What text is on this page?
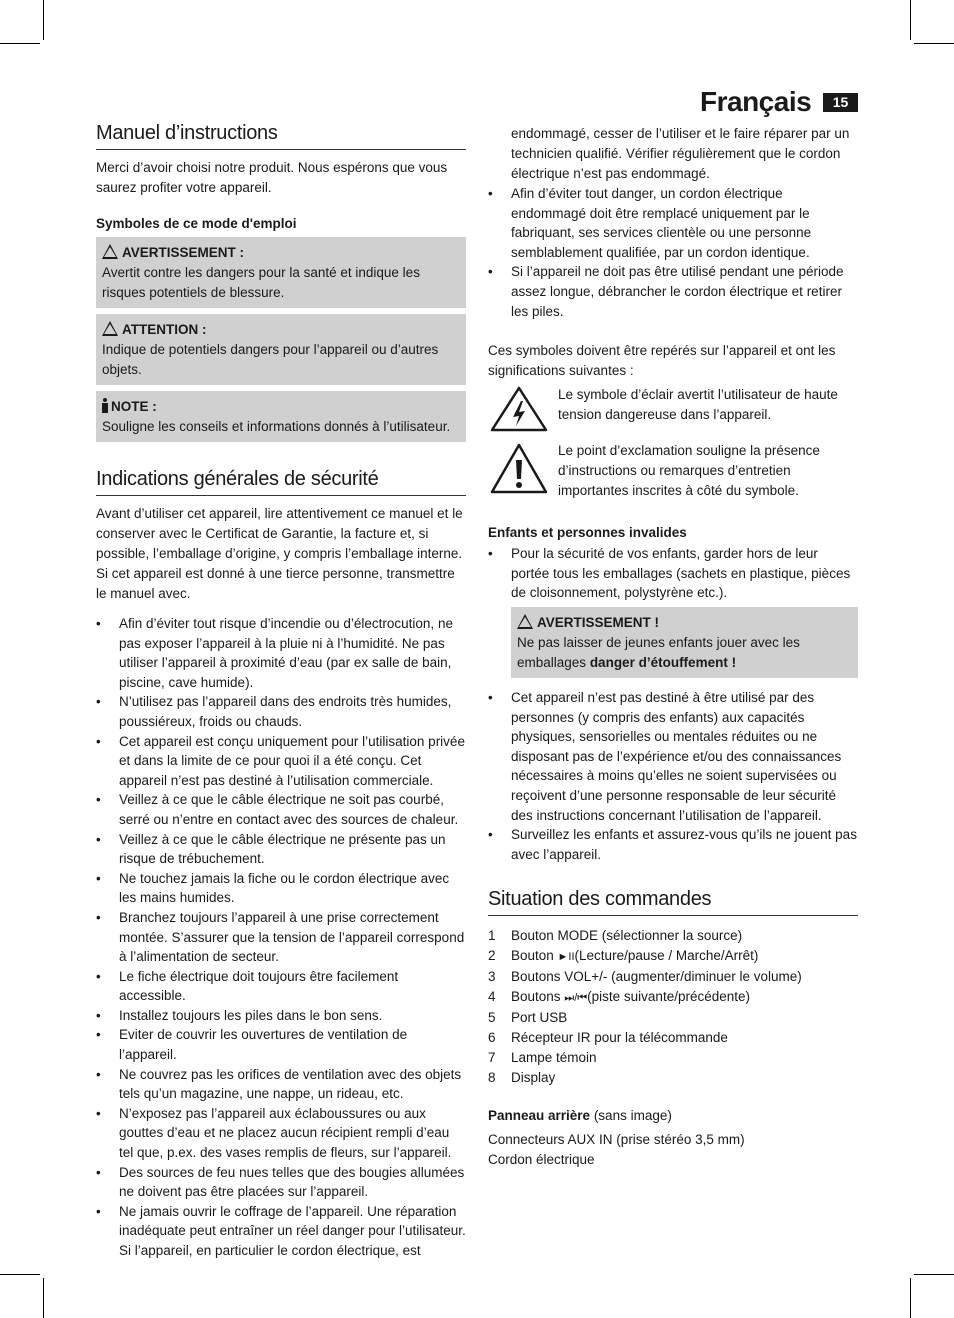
Français	15
Manuel d’instructions

Merci d’avoir choisi notre produit. Nous espérons que vous saurez profiter votre appareil.

Symboles de ce mode d'emploi
AVERTISSEMENT :
Avertit contre les dangers pour la santé et indique les risques potentiels de blessure.
ATTENTION :
Indique de potentiels dangers pour l’appareil ou d’autres objets.
NOTE :
Souligne les conseils et informations donnés à l’utilisateur.
Indications générales de sécurité

Avant d’utiliser cet appareil, lire attentivement ce manuel et le conserver avec le Certificat de Garantie, la facture et, si possible, l’emballage d’origine, y compris l’emballage interne. Si cet appareil est donné à une tierce personne, transmettre le manuel avec.

• Afin d’éviter tout risque d’incendie ou d’électrocution, ne pas exposer l’appareil à la pluie ni à l’humidité. Ne pas utiliser l’appareil à proximité d’eau (par ex salle de bain, piscine, cave humide).
• N’utilisez pas l’appareil dans des endroits très humides, poussiéreux, froids ou chauds.
• Cet appareil est conçu uniquement pour l’utilisation privée et dans la limite de ce pour quoi il a été conçu. Cet appareil n’est pas destiné à l’utilisation commerciale.
• Veillez à ce que le câble électrique ne soit pas courbé, serré ou n’entre en contact avec des sources de chaleur.
• Veillez à ce que le câble électrique ne présente pas un risque de trébuchement.
• Ne touchez jamais la fiche ou le cordon électrique avec les mains humides.
• Branchez toujours l’appareil à une prise correctement montée. S’assurer que la tension de l’appareil correspond à l’alimentation de secteur.
• Le fiche électrique doit toujours être facilement accessible.
• Installez toujours les piles dans le bon sens.
• Eviter de couvrir les ouvertures de ventilation de l’appareil.
• Ne couvrez pas les orifices de ventilation avec des objets tels qu’un magazine, une nappe, un rideau, etc.
• N’exposez pas l’appareil aux éclaboussures ou aux gouttes d’eau et ne placez aucun récipient rempli d’eau tel que, p.ex. des vases remplis de fleurs, sur l’appareil.
• Des sources de feu nues telles que des bougies allumées ne doivent pas être placées sur l’appareil.
• Ne jamais ouvrir le coffrage de l’appareil. Une réparation inadéquate peut entraîner un réel danger pour l’utilisateur. Si l’appareil, en particulier le cordon électrique, est

endommagé, cesser de l’utiliser et le faire réparer par un technicien qualifié. Vérifier régulièrement que le cordon électrique n’est pas endommagé.

• Afin d’éviter tout danger, un cordon électrique endommagé doit être remplacé uniquement par le fabriquant, ses services clientèle ou une personne semblablement qualifiée, par un cordon identique.
• Si l’appareil ne doit pas être utilisé pendant une période assez longue, débrancher le cordon électrique et retirer les piles.

Ces symboles doivent être repérés sur l’appareil et ont les significations suivantes :

Le symbole d’éclair avertit l’utilisateur de haute tension dangereuse dans l’appareil.
Le point d’exclamation souligne la présence d’instructions ou remarques d’entretien importantes inscrites à côté du symbole.
Enfants et personnes invalides
• Pour la sécurité de vos enfants, garder hors de leur portée tous les emballages (sachets en plastique, pièces de cloisonnement, polystyrène etc.).
AVERTISSEMENT !
Ne pas laisser de jeunes enfants jouer avec les emballages danger d’étouffement !
• Cet appareil n’est pas destiné à être utilisé par des personnes (y compris des enfants) aux capacités physiques, sensorielles ou mentales réduites ou ne disposant pas de l’expérience et/ou des connaissances nécessaires à moins qu’elles ne soient supervisées ou reçoivent d’une personne responsable de leur sécurité des instructions concernant l’utilisation de l’appareil.
• Surveillez les enfants et assurez-vous qu’ils ne jouent pas avec l’appareil.
Situation des commandes
1	Bouton MODE (sélectionner la source)
2	Bouton ►II(Lecture/pause / Marche/Arrêt)
3	Boutons VOL+/- (augmenter/diminuer le volume)
4	Boutons ⏭/⏮(piste suivante/précédente)
5	Port USB
6	Récepteur IR pour la télécommande
7	Lampe témoin
8	Display

Panneau arrière (sans image)

Connecteurs AUX IN (prise stéréo 3,5 mm)

Cordon électrique
